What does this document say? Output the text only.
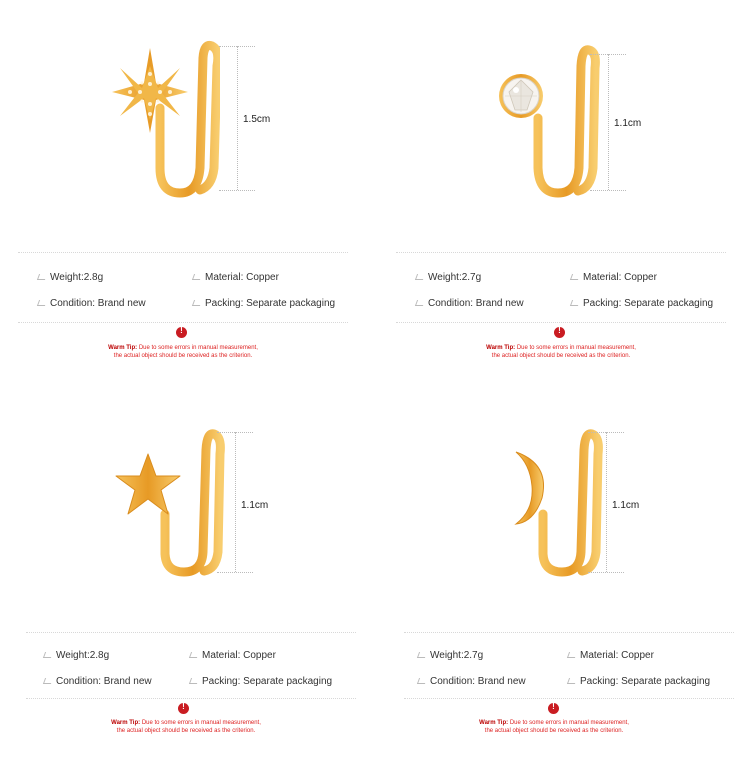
1.5cm
Weight:2.8g	Material: Copper
Condition: Brand new	Packing: Separate packaging
!
Warm Tip: Due to some errors in manual measurement,
the actual object should be received as the criterion.
1.1cm
Weight:2.7g	Material: Copper
Condition: Brand new	Packing: Separate packaging
!
Warm Tip: Due to some errors in manual measurement,
the actual object should be received as the criterion.
1.1cm
Weight:2.8g	Material: Copper
Condition: Brand new	Packing: Separate packaging
!
Warm Tip: Due to some errors in manual measurement,
the actual object should be received as the criterion.
1.1cm
Weight:2.7g	Material: Copper
Condition: Brand new	Packing: Separate packaging
!
Warm Tip: Due to some errors in manual measurement,
the actual object should be received as the criterion.
